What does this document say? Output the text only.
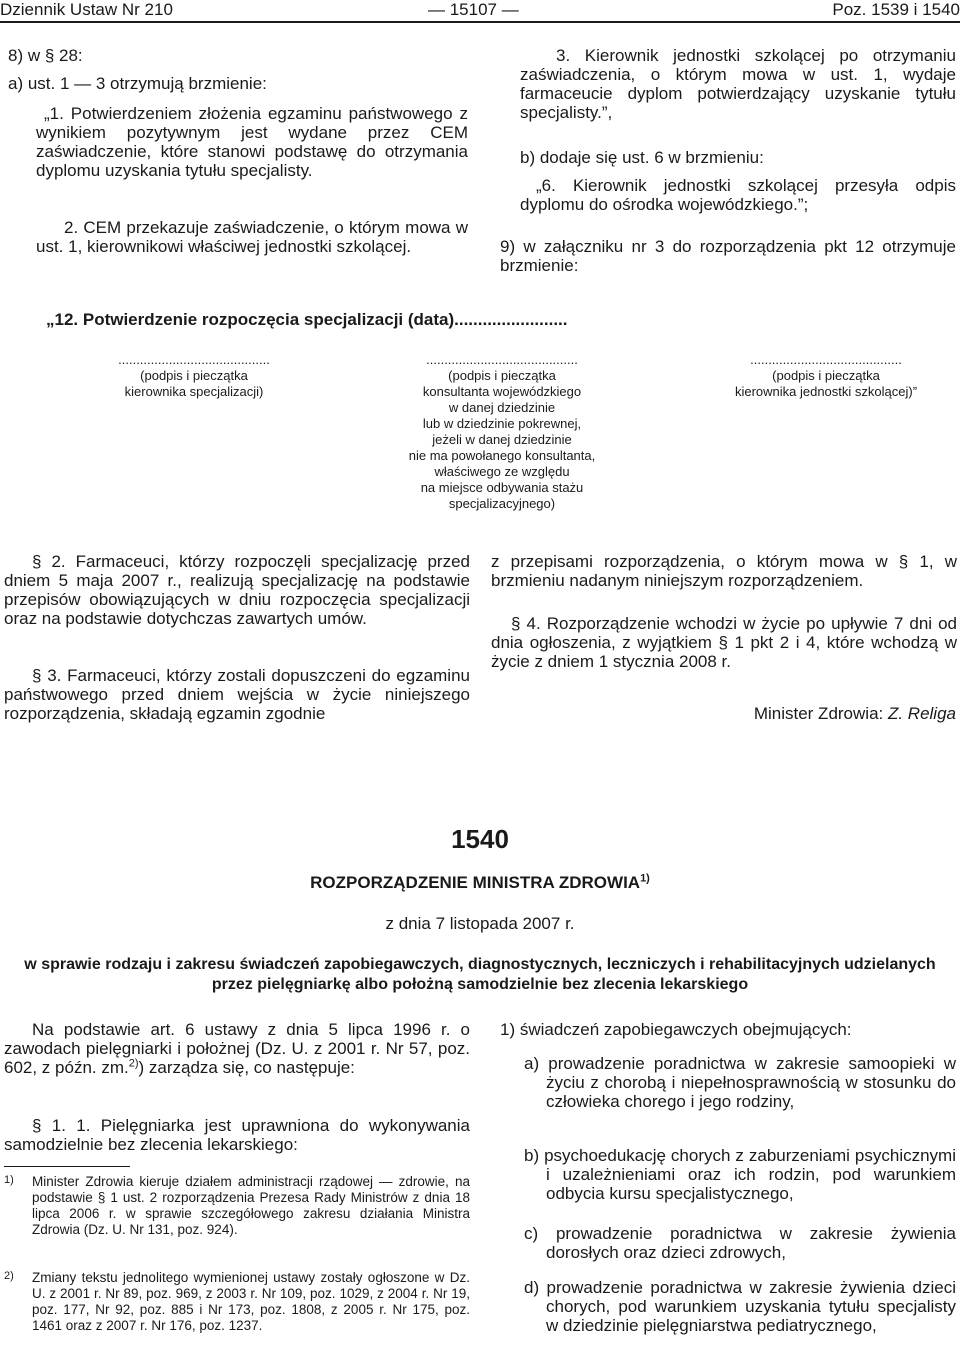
Dziennik Ustaw Nr 210	— 15107 —	Poz. 1539 i 1540

8) w § 28:

a) ust. 1 — 3 otrzymują brzmienie:

„1. Potwierdzeniem złożenia egzaminu państwowego z wynikiem pozytywnym jest wydane przez CEM zaświadczenie, które stanowi podstawę do otrzymania dyplomu uzyskania tytułu specjalisty.

2. CEM przekazuje zaświadczenie, o którym mowa w ust. 1, kierownikowi właściwej jednostki szkolącej.

3. Kierownik jednostki szkolącej po otrzymaniu zaświadczenia, o którym mowa w ust. 1, wydaje farmaceucie dyplom potwierdzający uzyskanie tytułu specjalisty.”,

b) dodaje się ust. 6 w brzmieniu:

„6. Kierownik jednostki szkolącej przesyła odpis dyplomu do ośrodka wojewódzkiego.”;

9) w załączniku nr 3 do rozporządzenia pkt 12 otrzymuje brzmienie:

„12. Potwierdzenie rozpoczęcia specjalizacji (data)........................
..........................................
(podpis i pieczątka
kierownika specjalizacji)
..........................................
(podpis i pieczątka
konsultanta wojewódzkiego
w danej dziedzinie
lub w dziedzinie pokrewnej,
jeżeli w danej dziedzinie
nie ma powołanego konsultanta,
właściwego ze względu
na miejsce odbywania stażu
specjalizacyjnego)
..........................................
(podpis i pieczątka
kierownika jednostki szkolącej)”

§ 2. Farmaceuci, którzy rozpoczęli specjalizację przed dniem 5 maja 2007 r., realizują specjalizację na podstawie przepisów obowiązujących w dniu rozpoczęcia specjalizacji oraz na podstawie dotychczas zawartych umów.

§ 3. Farmaceuci, którzy zostali dopuszczeni do egzaminu państwowego przed dniem wejścia w życie niniejszego rozporządzenia, składają egzamin zgodnie

z przepisami rozporządzenia, o którym mowa w § 1, w brzmieniu nadanym niniejszym rozporządzeniem.

§ 4. Rozporządzenie wchodzi w życie po upływie 7 dni od dnia ogłoszenia, z wyjątkiem § 1 pkt 2 i 4, które wchodzą w życie z dniem 1 stycznia 2008 r.

Minister Zdrowia: Z. Religa
1540
ROZPORZĄDZENIE MINISTRA ZDROWIA$^{1)}$
z dnia 7 listopada 2007 r.
w sprawie rodzaju i zakresu świadczeń zapobiegawczych, diagnostycznych, leczniczych i rehabilitacyjnych udzielanych przez pielęgniarkę albo położną samodzielnie bez zlecenia lekarskiego
Na podstawie art. 6 ustawy z dnia 5 lipca 1996 r. o zawodach pielęgniarki i położnej (Dz. U. z 2001 r. Nr 57, poz. 602, z późn. zm.$^{2)}$) zarządza się, co następuje:

§ 1. 1. Pielęgniarka jest uprawniona do wykonywania samodzielnie bez zlecenia lekarskiego:

1) Minister Zdrowia kieruje działem administracji rządowej — zdrowie, na podstawie § 1 ust. 2 rozporządzenia Prezesa Rady Ministrów z dnia 18 lipca 2006 r. w sprawie szczegółowego zakresu działania Ministra Zdrowia (Dz. U. Nr 131, poz. 924).
2) Zmiany tekstu jednolitego wymienionej ustawy zostały ogłoszone w Dz. U. z 2001 r. Nr 89, poz. 969, z 2003 r. Nr 109, poz. 1029, z 2004 r. Nr 19, poz. 177, Nr 92, poz. 885 i Nr 173, poz. 1808, z 2005 r. Nr 175, poz. 1461 oraz z 2007 r. Nr 176, poz. 1237.

1) świadczeń zapobiegawczych obejmujących:

a) prowadzenie poradnictwa w zakresie samoopieki w życiu z chorobą i niepełnosprawnością w stosunku do człowieka chorego i jego rodziny,

b) psychoedukację chorych z zaburzeniami psychicznymi i uzależnieniami oraz ich rodzin, pod warunkiem odbycia kursu specjalistycznego,

c) prowadzenie poradnictwa w zakresie żywienia dorosłych oraz dzieci zdrowych,

d) prowadzenie poradnictwa w zakresie żywienia dzieci chorych, pod warunkiem uzyskania tytułu specjalisty w dziedzinie pielęgniarstwa pediatrycznego,
